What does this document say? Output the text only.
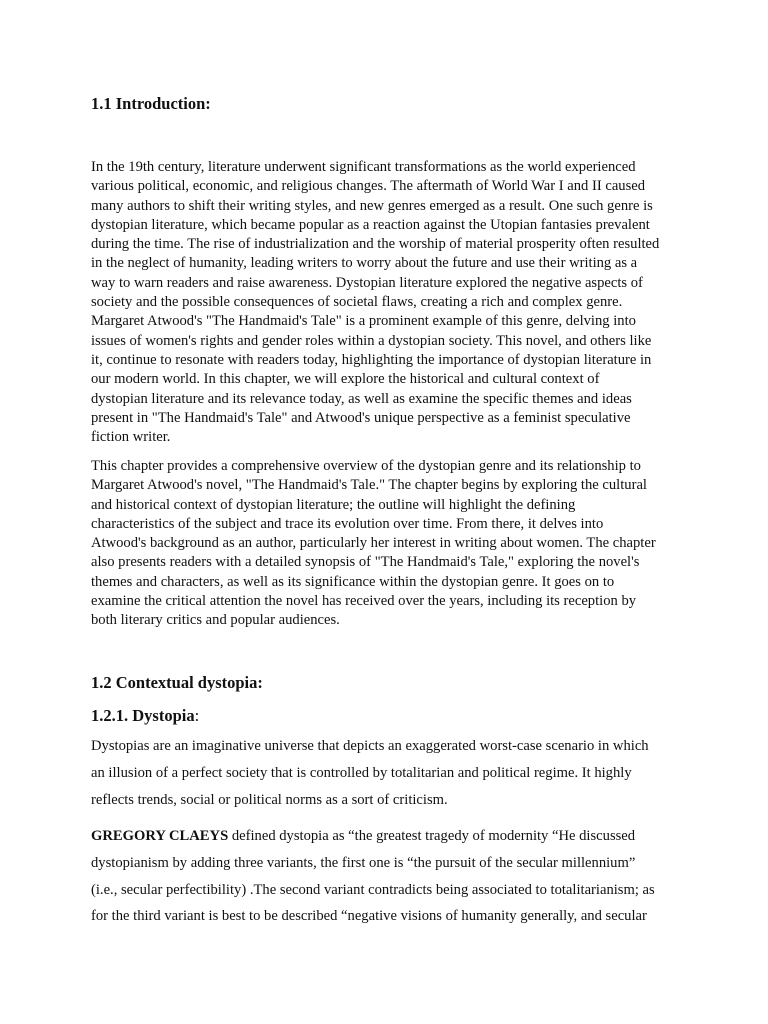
1.1 Introduction:
In the 19th century, literature underwent significant transformations as the world experienced
various political, economic, and religious changes. The aftermath of World War I and II caused
many authors to shift their writing styles, and new genres emerged as a result. One such genre is
dystopian literature, which became popular as a reaction against the Utopian fantasies prevalent
during the time. The rise of industrialization and the worship of material prosperity often resulted
in the neglect of humanity, leading writers to worry about the future and use their writing as a
way to warn readers and raise awareness. Dystopian literature explored the negative aspects of
society and the possible consequences of societal flaws, creating a rich and complex genre.
Margaret Atwood's "The Handmaid's Tale" is a prominent example of this genre, delving into
issues of women's rights and gender roles within a dystopian society. This novel, and others like
it, continue to resonate with readers today, highlighting the importance of dystopian literature in
our modern world. In this chapter, we will explore the historical and cultural context of
dystopian literature and its relevance today, as well as examine the specific themes and ideas
present in "The Handmaid's Tale" and Atwood's unique perspective as a feminist speculative
fiction writer.
This chapter provides a comprehensive overview of the dystopian genre and its relationship to
Margaret Atwood's novel, "The Handmaid's Tale." The chapter begins by exploring the cultural
and historical context of dystopian literature; the outline will highlight the defining
characteristics of the subject and trace its evolution over time. From there, it delves into
Atwood's background as an author, particularly her interest in writing about women. The chapter
also presents readers with a detailed synopsis of "The Handmaid's Tale," exploring the novel's
themes and characters, as well as its significance within the dystopian genre. It goes on to
examine the critical attention the novel has received over the years, including its reception by
both literary critics and popular audiences.
1.2 Contextual dystopia:
1.2.1. Dystopia:
Dystopias are an imaginative universe that depicts an exaggerated worst-case scenario in which
an illusion of a perfect society that is controlled by totalitarian and political regime. It highly
reflects trends, social or political norms as a sort of criticism.
GREGORY CLAEYS defined dystopia as “the greatest tragedy of modernity “He discussed
dystopianism by adding three variants, the first one is “the pursuit of the secular millennium”
(i.e., secular perfectibility) .The second variant contradicts being associated to totalitarianism; as
for the third variant is best to be described “negative visions of humanity generally, and secular
